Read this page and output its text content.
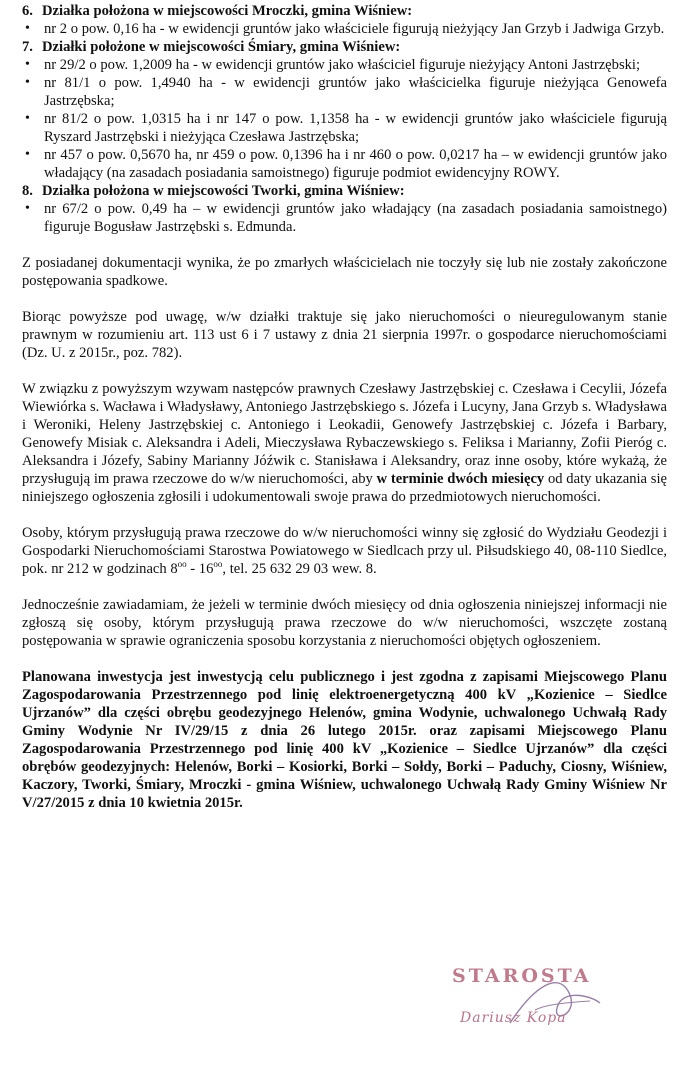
6. Działka położona w miejscowości Mroczki, gmina Wiśniew:

• nr 2 o pow. 0,16 ha - w ewidencji gruntów jako właściciele figurują nieżyjący Jan Grzyb i Jadwiga Grzyb.

7. Działki położone w miejscowości Śmiary, gmina Wiśniew:

• nr 29/2 o pow. 1,2009 ha - w ewidencji gruntów jako właściciel figuruje nieżyjący Antoni Jastrzębski;

• nr 81/1 o pow. 1,4940 ha - w ewidencji gruntów jako właścicielka figuruje nieżyjąca Genowefa Jastrzębska;

• nr 81/2 o pow. 1,0315 ha i nr 147 o pow. 1,1358 ha - w ewidencji gruntów jako właściciele figurują Ryszard Jastrzębski i nieżyjąca Czesława Jastrzębska;

• nr 457 o pow. 0,5670 ha, nr 459 o pow. 0,1396 ha i nr 460 o pow. 0,0217 ha – w ewidencji gruntów jako władający (na zasadach posiadania samoistnego) figuruje podmiot ewidencyjny ROWY.

8. Działka położona w miejscowości Tworki, gmina Wiśniew:

• nr 67/2 o pow. 0,49 ha – w ewidencji gruntów jako władający (na zasadach posiadania samoistnego) figuruje Bogusław Jastrzębski s. Edmunda.

Z posiadanej dokumentacji wynika, że po zmarłych właścicielach nie toczyły się lub nie zostały zakończone postępowania spadkowe.

Biorąc powyższe pod uwagę, w/w działki traktuje się jako nieruchomości o nieuregulowanym stanie prawnym w rozumieniu art. 113 ust 6 i 7 ustawy z dnia 21 sierpnia 1997r. o gospodarce nieruchomościami (Dz. U. z 2015r., poz. 782).

W związku z powyższym wzywam następców prawnych Czesławy Jastrzębskiej c. Czesława i Cecylii, Józefa Wiewiórka s. Wacława i Władysławy, Antoniego Jastrzębskiego s. Józefa i Lucyny, Jana Grzyb s. Władysława i Weroniki, Heleny Jastrzębskiej c. Antoniego i Leokadii, Genowefy Jastrzębskiej c. Józefa i Barbary, Genowefy Misiak c. Aleksandra i Adeli, Mieczysława Rybaczewskiego s. Feliksa i Marianny, Zofii Pieróg c. Aleksandra i Józefy, Sabiny Marianny Jóźwik c. Stanisława i Aleksandry, oraz inne osoby, które wykażą, że przysługują im prawa rzeczowe do w/w nieruchomości, aby w terminie dwóch miesięcy od daty ukazania się niniejszego ogłoszenia zgłosili i udokumentowali swoje prawa do przedmiotowych nieruchomości.

Osoby, którym przysługują prawa rzeczowe do w/w nieruchomości winny się zgłosić do Wydziału Geodezji i Gospodarki Nieruchomościami Starostwa Powiatowego w Siedlcach przy ul. Piłsudskiego 40, 08-110 Siedlce, pok. nr 212 w godzinach $8^{oo} - 16^{oo}$, tel. 25 632 29 03 wew. 8.

Jednocześnie zawiadamiam, że jeżeli w terminie dwóch miesięcy od dnia ogłoszenia niniejszej informacji nie zgłoszą się osoby, którym przysługują prawa rzeczowe do w/w nieruchomości, wszczęte zostaną postępowania w sprawie ograniczenia sposobu korzystania z nieruchomości objętych ogłoszeniem.

Planowana inwestycja jest inwestycją celu publicznego i jest zgodna z zapisami Miejscowego Planu Zagospodarowania Przestrzennego pod linię elektroenergetyczną 400 kV „Kozienice – Siedlce Ujrzanów” dla części obrębu geodezyjnego Helenów, gmina Wodynie, uchwalonego Uchwałą Rady Gminy Wodynie Nr IV/29/15 z dnia 26 lutego 2015r. oraz zapisami Miejscowego Planu Zagospodarowania Przestrzennego pod linię 400 kV „Kozienice – Siedlce Ujrzanów” dla części obrębów geodezyjnych: Helenów, Borki – Kosiorki, Borki – Sołdy, Borki – Paduchy, Ciosny, Wiśniew, Kaczory, Tworki, Śmiary, Mroczki - gmina Wiśniew, uchwalonego Uchwałą Rady Gminy Wiśniew Nr V/27/2015 z dnia 10 kwietnia 2015r.

STAROSTA
Dariusz Kopa
